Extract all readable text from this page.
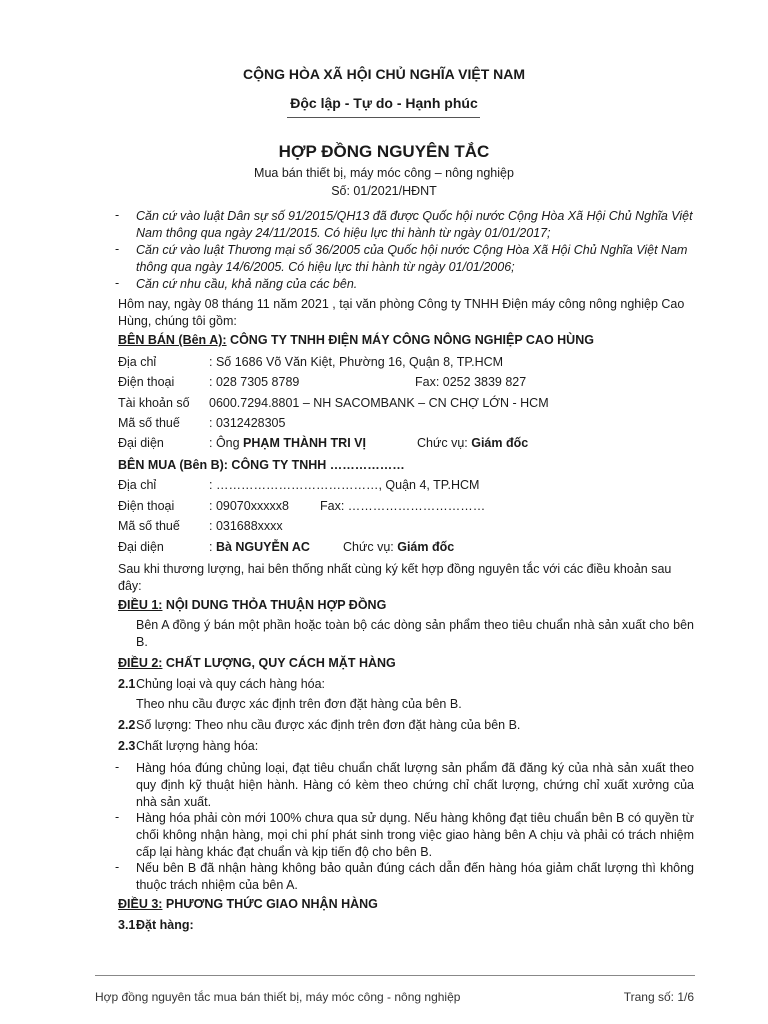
CỘNG HÒA XÃ HỘI CHỦ NGHĨA VIỆT NAM
Độc lập - Tự do - Hạnh phúc
HỢP ĐỒNG NGUYÊN TẮC
Mua bán thiết bị, máy móc công – nông nghiệp
Số: 01/2021/HĐNT
- Căn cứ vào luật Dân sự số 91/2015/QH13 đã được Quốc hội nước Cộng Hòa Xã Hội Chủ Nghĩa Việt Nam thông qua ngày 24/11/2015. Có hiệu lực thi hành từ ngày 01/01/2017;
- Căn cứ vào luật Thương mại số 36/2005 của Quốc hội nước Cộng Hòa Xã Hội Chủ Nghĩa Việt Nam thông qua ngày 14/6/2005. Có hiệu lực thi hành từ ngày 01/01/2006;
- Căn cứ nhu cầu, khả năng của các bên.
Hôm nay, ngày 08 tháng 11 năm 2021 , tại văn phòng Công ty TNHH Điện máy công nông nghiệp Cao Hùng, chúng tôi gồm:
BÊN BÁN (Bên A): CÔNG TY TNHH ĐIỆN MÁY CÔNG NÔNG NGHIỆP CAO HÙNG
Địa chỉ	: Số 1686 Võ Văn Kiệt, Phường 16, Quận 8, TP.HCM
Điện thoại	: 028 7305 8789	Fax: 0252 3839 827
Tài khoản số 0600.7294.8801 – NH SACOMBANK – CN CHỢ LỚN - HCM
Mã số thuế : 0312428305
Đại diện	: Ông PHẠM THÀNH TRI VỊ	Chức vụ: Giám đốc
BÊN MUA (Bên B): CÔNG TY TNHH ………………
Địa chỉ	: …………………………………, Quận 4, TP.HCM
Điện thoại	: 09070xxxxx8 Fax: ……………………………
Mã số thuế : 031688xxxx
Đại diện	: Bà NGUYỄN AC	Chức vụ: Giám đốc
Sau khi thương lượng, hai bên thống nhất cùng ký kết hợp đồng nguyên tắc với các điều khoản sau đây:
ĐIỀU 1: NỘI DUNG THỎA THUẬN HỢP ĐỒNG
Bên A đồng ý bán một phần hoặc toàn bộ các dòng sản phẩm theo tiêu chuẩn nhà sản xuất cho bên B.
ĐIỀU 2: CHẤT LƯỢNG, QUY CÁCH MẶT HÀNG
2.1 Chủng loại và quy cách hàng hóa:
Theo nhu cầu được xác định trên đơn đặt hàng của bên B.
2.2 Số lượng: Theo nhu cầu được xác định trên đơn đặt hàng của bên B.
2.3 Chất lượng hàng hóa:
- Hàng hóa đúng chủng loại, đạt tiêu chuẩn chất lượng sản phẩm đã đăng ký của nhà sản xuất theo quy định kỹ thuật hiện hành. Hàng có kèm theo chứng chỉ chất lượng, chứng chỉ xuất xưởng của nhà sản xuất.
- Hàng hóa phải còn mới 100% chưa qua sử dụng. Nếu hàng không đạt tiêu chuẩn bên B có quyền từ chối không nhận hàng, mọi chi phí phát sinh trong việc giao hàng bên A chịu và phải có trách nhiệm cấp lại hàng khác đạt chuẩn và kịp tiến độ cho bên B.
- Nếu bên B đã nhận hàng không bảo quản đúng cách dẫn đến hàng hóa giảm chất lượng thì không thuộc trách nhiệm của bên A.
ĐIỀU 3: PHƯƠNG THỨC GIAO NHẬN HÀNG
3.1 Đặt hàng:
Hợp đồng nguyên tắc mua bán thiết bị, máy móc công - nông nghiệp	Trang số: 1/6
